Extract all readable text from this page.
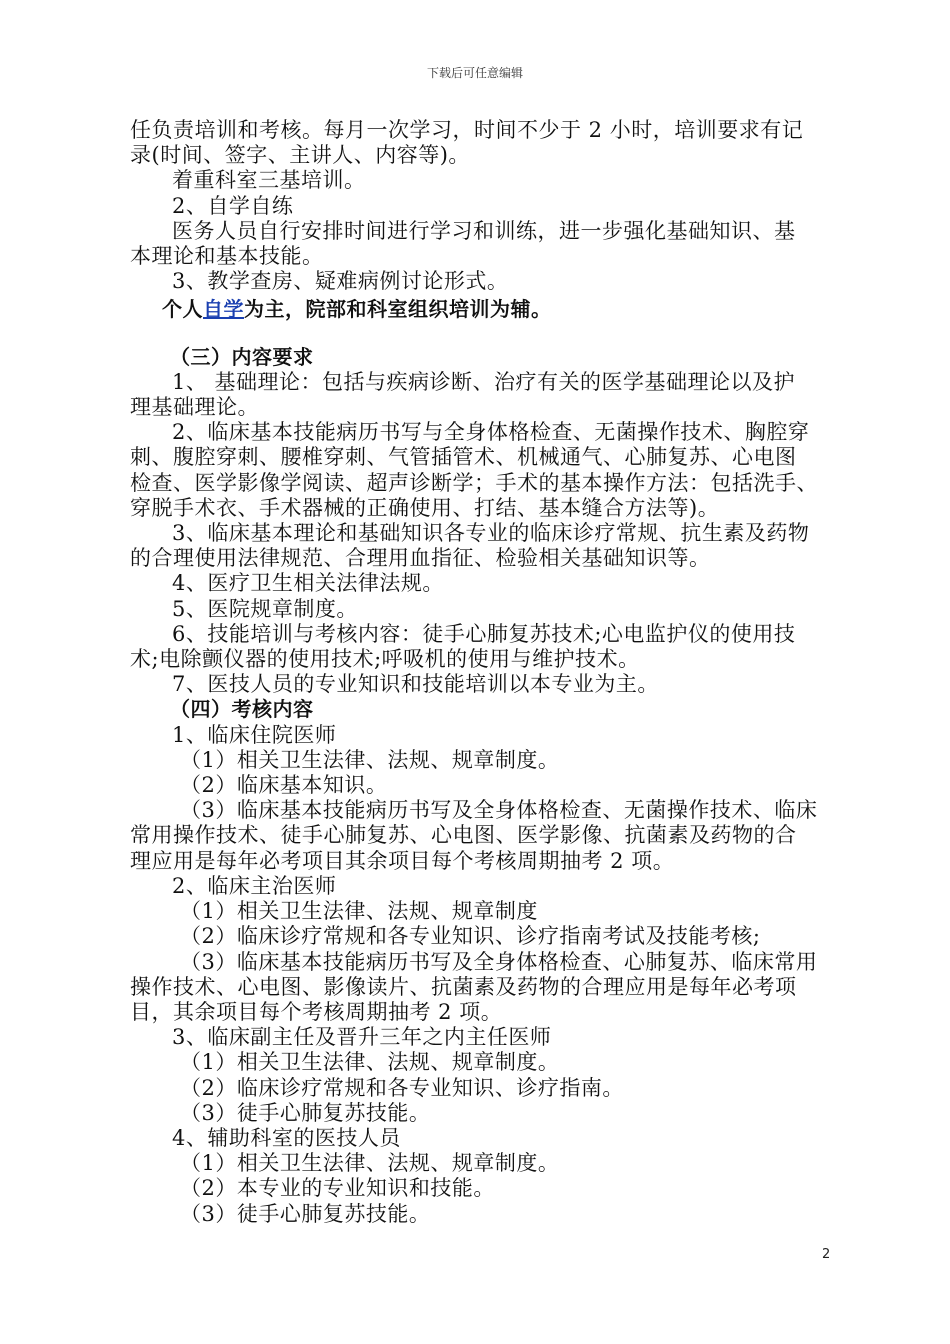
下载后可任意编辑
任负责培训和考核。每月一次学习，时间不少于 2 小时，培训要求有记
录(时间、签字、主讲人、内容等)。
着重科室三基培训。
2、自学自练
医务人员自行安排时间进行学习和训练，进一步强化基础知识、基
本理论和基本技能。
3、教学查房、疑难病例讨论形式。
个人自学为主，院部和科室组织培训为辅。
（三）内容要求
1、 基础理论：包括与疾病诊断、治疗有关的医学基础理论以及护
理基础理论。
2、临床基本技能病历书写与全身体格检查、无菌操作技术、胸腔穿
刺、腹腔穿刺、腰椎穿刺、气管插管术、机械通气、心肺复苏、心电图
检查、医学影像学阅读、超声诊断学；手术的基本操作方法：包括洗手、
穿脱手术衣、手术器械的正确使用、打结、基本缝合方法等)。
3、临床基本理论和基础知识各专业的临床诊疗常规、抗生素及药物
的合理使用法律规范、合理用血指征、检验相关基础知识等。
4、医疗卫生相关法律法规。
5、医院规章制度。
6、技能培训与考核内容：徒手心肺复苏技术;心电监护仪的使用技
术;电除颤仪器的使用技术;呼吸机的使用与维护技术。
7、医技人员的专业知识和技能培训以本专业为主。
（四）考核内容
1、临床住院医师
（1）相关卫生法律、法规、规章制度。
（2）临床基本知识。
（3）临床基本技能病历书写及全身体格检查、无菌操作技术、临床
常用操作技术、徒手心肺复苏、心电图、医学影像、抗菌素及药物的合
理应用是每年必考项目其余项目每个考核周期抽考 2 项。
2、临床主治医师
（1）相关卫生法律、法规、规章制度
（2）临床诊疗常规和各专业知识、诊疗指南考试及技能考核;
（3）临床基本技能病历书写及全身体格检查、心肺复苏、临床常用
操作技术、心电图、影像读片、抗菌素及药物的合理应用是每年必考项
目，其余项目每个考核周期抽考 2 项。
3、临床副主任及晋升三年之内主任医师
（1）相关卫生法律、法规、规章制度。
（2）临床诊疗常规和各专业知识、诊疗指南。
（3）徒手心肺复苏技能。
4、辅助科室的医技人员
（1）相关卫生法律、法规、规章制度。
（2）本专业的专业知识和技能。
（3）徒手心肺复苏技能。
2
